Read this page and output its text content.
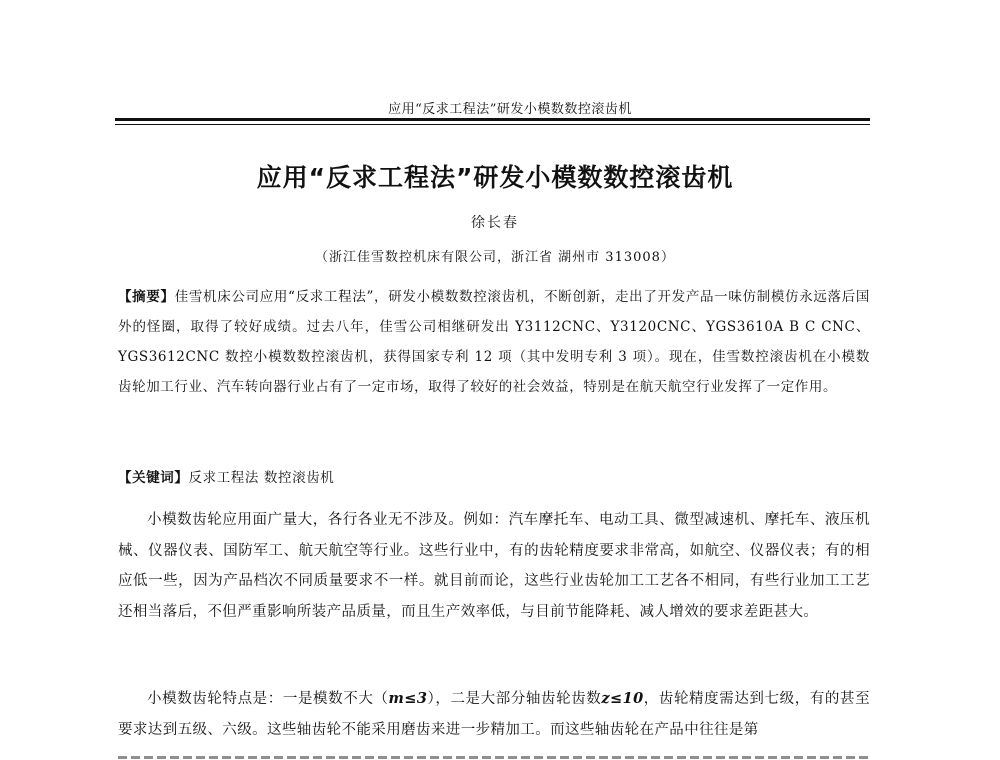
应用“反求工程法”研发小模数数控滚齿机
应用“反求工程法”研发小模数数控滚齿机
徐长春
（浙江佳雪数控机床有限公司，浙江省 湖州市 313008）
【摘要】佳雪机床公司应用“反求工程法”，研发小模数数控滚齿机，不断创新，走出了开发产品一味仿制模仿永远落后国外的怪圈，取得了较好成绩。过去八年，佳雪公司相继研发出 Y3112CNC、Y3120CNC、YGS3610A B C CNC、YGS3612CNC 数控小模数数控滚齿机，获得国家专利 12 项（其中发明专利 3 项）。现在，佳雪数控滚齿机在小模数齿轮加工行业、汽车转向器行业占有了一定市场，取得了较好的社会效益，特别是在航天航空行业发挥了一定作用。
【关键词】反求工程法 数控滚齿机
小模数齿轮应用面广量大，各行各业无不涉及。例如：汽车摩托车、电动工具、微型减速机、摩托车、液压机械、仪器仪表、国防军工、航天航空等行业。这些行业中，有的齿轮精度要求非常高，如航空、仪器仪表；有的相应低一些，因为产品档次不同质量要求不一样。就目前而论，这些行业齿轮加工工艺各不相同，有些行业加工工艺还相当落后，不但严重影响所装产品质量，而且生产效率低，与目前节能降耗、减人增效的要求差距甚大。
小模数齿轮特点是：一是模数不大（m≤3），二是大部分轴齿轮齿数z≤10，齿轮精度需达到七级，有的甚至要求达到五级、六级。这些轴齿轮不能采用磨齿来进一步精加工。而这些轴齿轮在产品中往往是第
